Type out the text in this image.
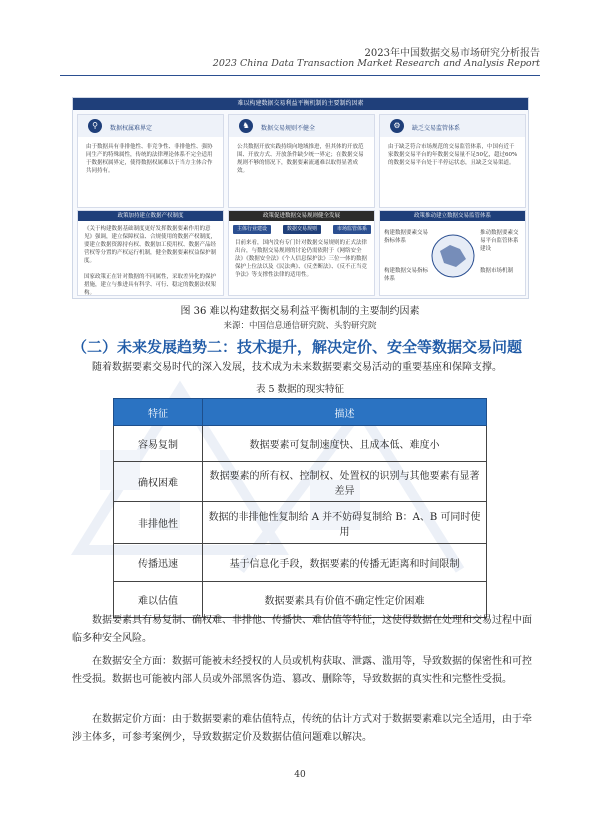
2023年中国数据交易市场研究分析报告
2023 China Data Transaction Market Research and Analysis Report
难以构建数据交易利益平衡机制的主要制约因素
⚲	数据权属难界定
由于数据具有非排他性、非竞争性、非排他性、强协同生产的特殊属性，传统的法律理论体系不完全适用于数据权属界定，使得数据权属难以于当方主体合作共同持有。
♞	数据交易规则不健全
公共数据开放实践持续向地域推进，但其体的开放范围、开放方式、开放条件缺少统一界定；在数据交易规则不够的情况下，数据要素流通难以取得显著成效。
⚙	缺乏交易监管体系
由于缺乏符合市场规范的交易监管体系，中国有近千家数据交易平台的年数据交易量不足50亿，超过60%的数据交易平台处于半停运状态，且缺乏交易渠道。
政策加持建立数据产权制度
《关于构建数据基础制度更好发挥数据要素作用的意见》强调，建立保障权益、合规使用的数据产权制度，要建立数据资源持有权、数据加工使用权、数据产品经营权等分置的产权运行机制，健全数据要素权益保护制度。
国家政策正在针对数据的不同属性，采取差异化的保护措施，建立与推进具有科学、可行、稳定的数据法权架构。
政策促进数据交易规则健全发展
主体行业建设	数据交易规则	市场监管体系
目前来看，国内没有专门针对数据交易规则的正式法律出台，与数据交易规则的讨论仍需依附于《网络安全法》《数据安全法》《个人信息保护法》三位一体的数据保护上位法以及《民法典》、《反垄断法》、《反不正当竞争法》等支撑性法律的适用性。
政策推动建立数据交易监管体系
构建数据要素交易指标体系
推动数据要素交易平台监管体系建设
构建数据交易指标体系
数据市场机制
图 36 难以构建数据交易利益平衡机制的主要制约因素
来源：中国信息通信研究院、头豹研究院
（二）未来发展趋势二：技术提升，解决定价、安全等数据交易问题
随着数据要素交易时代的深入发展，技术成为未来数据要素交易活动的重要基座和保障支撑。
表 5 数据的现实特征
特征	描述
容易复制	数据要素可复制速度快、且成本低、难度小
确权困难	数据要素的所有权、控制权、处置权的识别与其他要素有显著差异
非排他性	数据的非排他性复制给 A 并不妨碍复制给 B：A、B 可同时使用
传播迅速	基于信息化手段，数据要素的传播无距离和时间限制
难以估值	数据要素具有价值不确定性定价困难
数据要素具有易复制、确权难、非排他、传播快、难估值等特征，这使得数据在处理和交易过程中面临多种安全风险。
在数据安全方面：数据可能被未经授权的人员或机构获取、泄露、滥用等，导致数据的保密性和可控性受损。数据也可能被内部人员或外部黑客伪造、篡改、删除等，导致数据的真实性和完整性受损。
在数据定价方面：由于数据要素的难估值特点，传统的估计方式对于数据要素难以完全适用，由于牵涉主体多，可参考案例少，导致数据定价及数据估值问题难以解决。
40
